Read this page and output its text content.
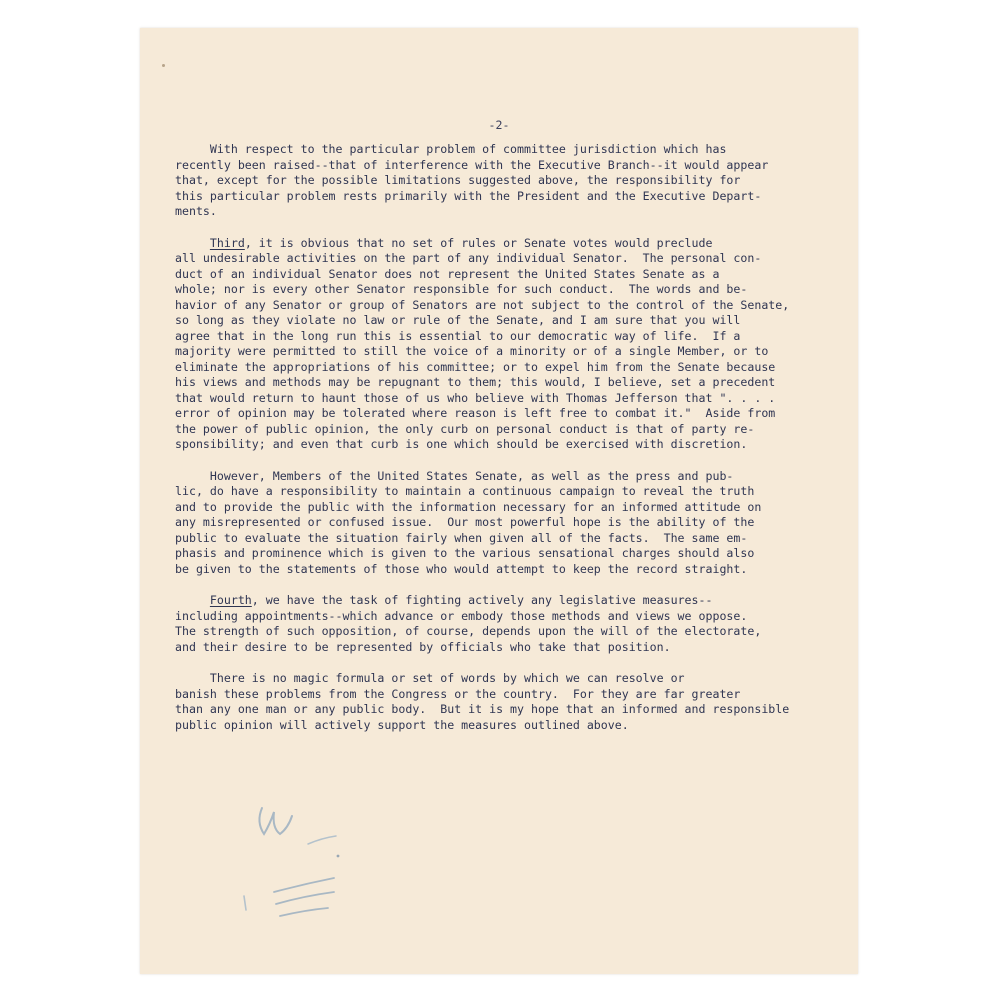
-2-
With respect to the particular problem of committee jurisdiction which has
recently been raised--that of interference with the Executive Branch--it would appear
that, except for the possible limitations suggested above, the responsibility for
this particular problem rests primarily with the President and the Executive Depart-
ments.
Third, it is obvious that no set of rules or Senate votes would preclude
all undesirable activities on the part of any individual Senator.  The personal con-
duct of an individual Senator does not represent the United States Senate as a
whole; nor is every other Senator responsible for such conduct.  The words and be-
havior of any Senator or group of Senators are not subject to the control of the Senate,
so long as they violate no law or rule of the Senate, and I am sure that you will
agree that in the long run this is essential to our democratic way of life.  If a
majority were permitted to still the voice of a minority or of a single Member, or to
eliminate the appropriations of his committee; or to expel him from the Senate because
his views and methods may be repugnant to them; this would, I believe, set a precedent
that would return to haunt those of us who believe with Thomas Jefferson that ". . . .
error of opinion may be tolerated where reason is left free to combat it."  Aside from
the power of public opinion, the only curb on personal conduct is that of party re-
sponsibility; and even that curb is one which should be exercised with discretion.
However, Members of the United States Senate, as well as the press and pub-
lic, do have a responsibility to maintain a continuous campaign to reveal the truth
and to provide the public with the information necessary for an informed attitude on
any misrepresented or confused issue.  Our most powerful hope is the ability of the
public to evaluate the situation fairly when given all of the facts.  The same em-
phasis and prominence which is given to the various sensational charges should also
be given to the statements of those who would attempt to keep the record straight.
Fourth, we have the task of fighting actively any legislative measures--
including appointments--which advance or embody those methods and views we oppose.
The strength of such opposition, of course, depends upon the will of the electorate,
and their desire to be represented by officials who take that position.
There is no magic formula or set of words by which we can resolve or
banish these problems from the Congress or the country.  For they are far greater
than any one man or any public body.  But it is my hope that an informed and responsible
public opinion will actively support the measures outlined above.
